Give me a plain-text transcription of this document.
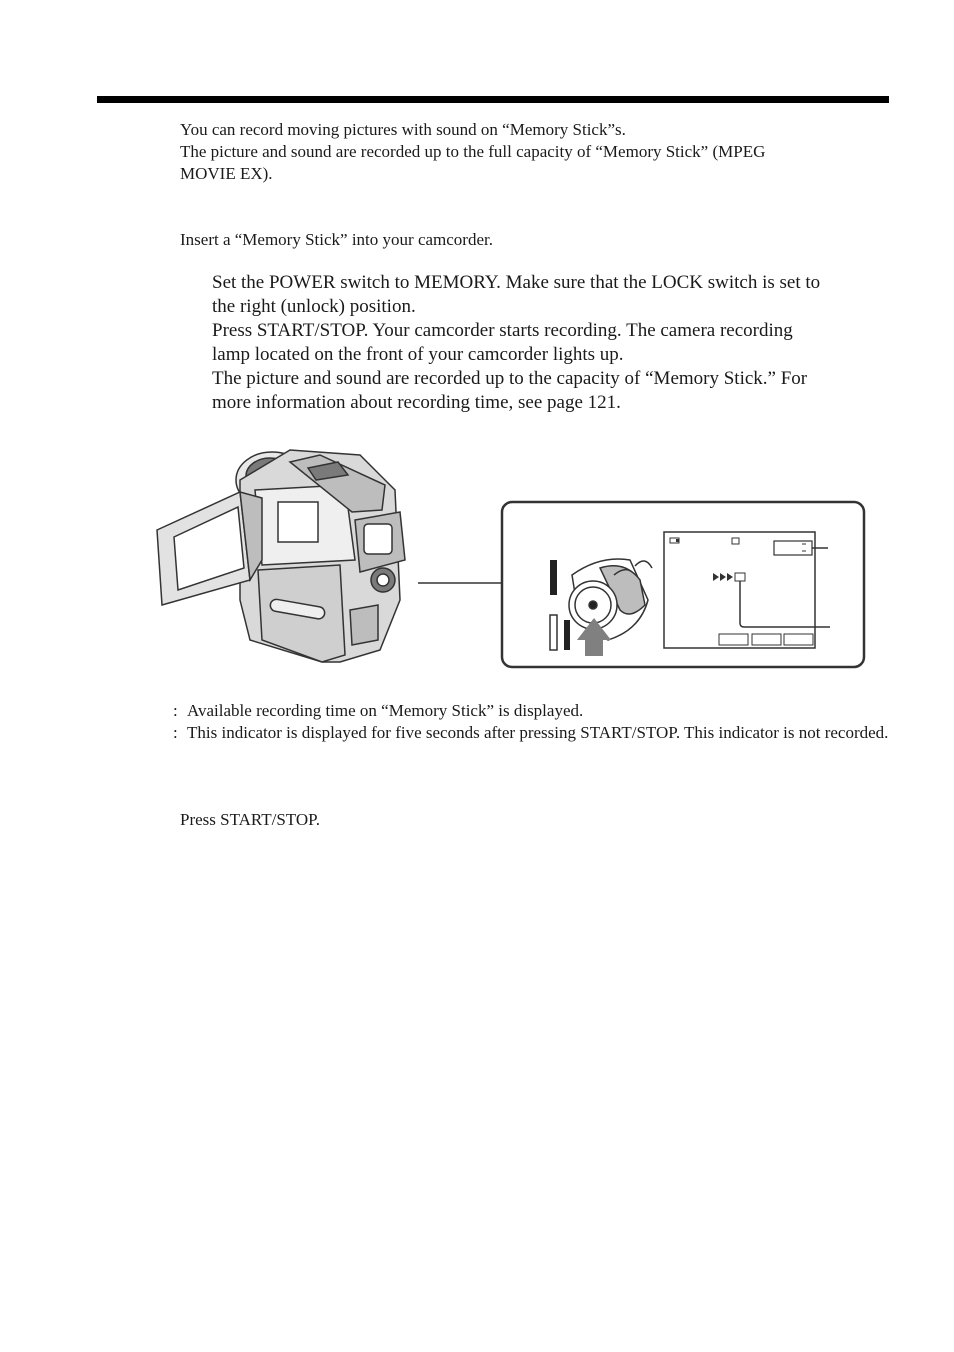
You can record moving pictures with sound on “Memory Stick”s.

The picture and sound are recorded up to the full capacity of “Memory Stick” (MPEG

MOVIE EX).

Insert a “Memory Stick” into your camcorder.

Set the POWER switch to MEMORY. Make sure that the LOCK switch is set to

the right (unlock) position.

Press START/STOP. Your camcorder starts recording. The camera recording

lamp located on the front of your camcorder lights up.

The picture and sound are recorded up to the capacity of “Memory Stick.” For

more information about recording time, see page 121.

: Available recording time on “Memory Stick” is displayed.
: This indicator is displayed for five seconds after pressing START/STOP. This indicator is not recorded.

Press START/STOP.
